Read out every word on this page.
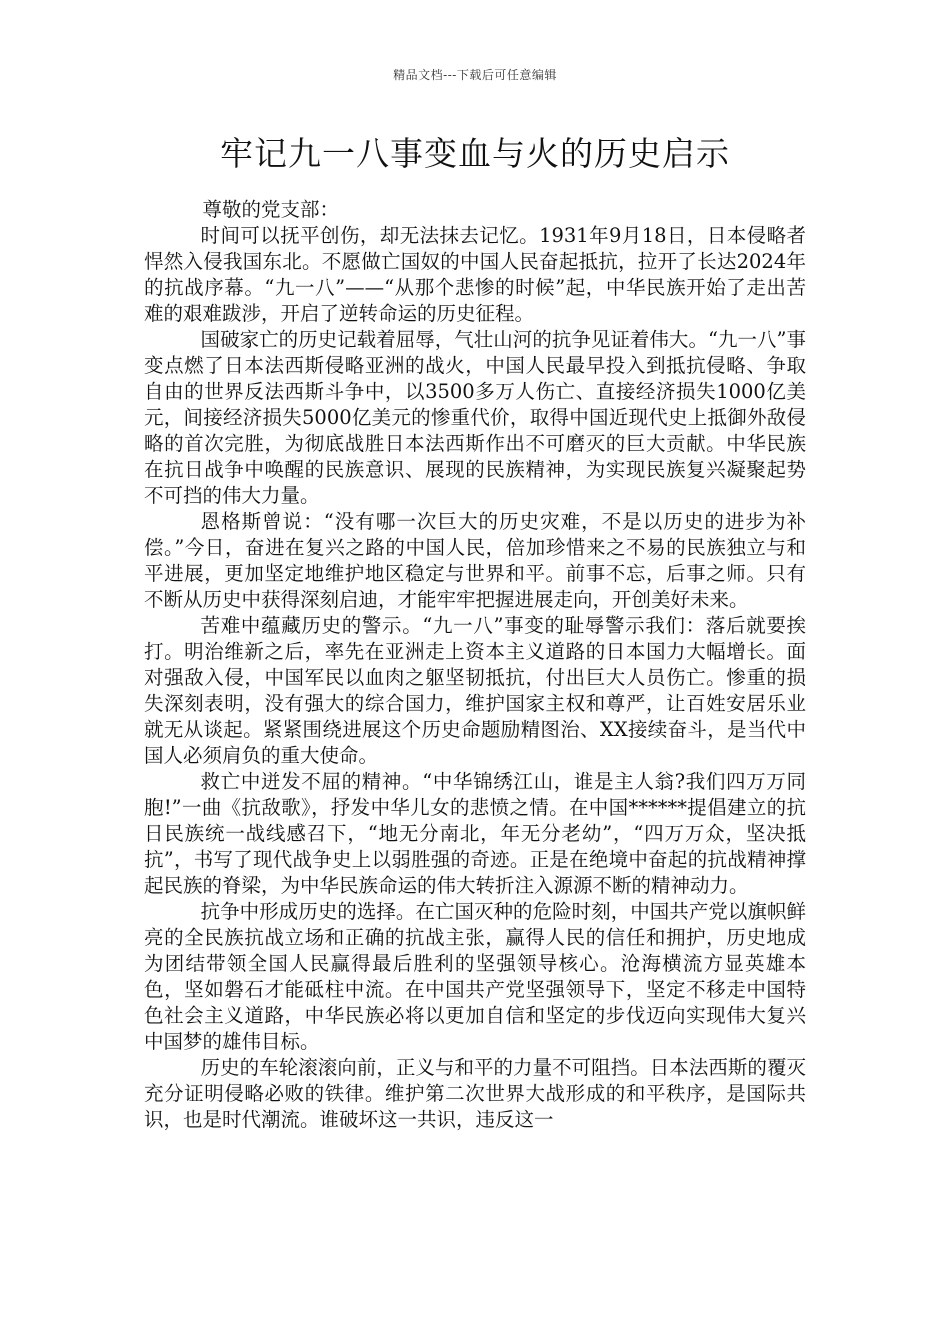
精品文档---下载后可任意编辑
牢记九一八事变血与火的历史启示

尊敬的党支部：

时间可以抚平创伤，却无法抹去记忆。1931年9月18日，日本侵略者悍然入侵我国东北。不愿做亡国奴的中国人民奋起抵抗，拉开了长达2024年的抗战序幕。“九一八”——“从那个悲惨的时候”起，中华民族开始了走出苦难的艰难跋涉，开启了逆转命运的历史征程。

国破家亡的历史记载着屈辱，气壮山河的抗争见证着伟大。“九一八”事变点燃了日本法西斯侵略亚洲的战火，中国人民最早投入到抵抗侵略、争取自由的世界反法西斯斗争中，以3500多万人伤亡、直接经济损失1000亿美元，间接经济损失5000亿美元的惨重代价，取得中国近现代史上抵御外敌侵略的首次完胜，为彻底战胜日本法西斯作出不可磨灭的巨大贡献。中华民族在抗日战争中唤醒的民族意识、展现的民族精神，为实现民族复兴凝聚起势不可挡的伟大力量。

恩格斯曾说：“没有哪一次巨大的历史灾难，不是以历史的进步为补偿。”今日，奋进在复兴之路的中国人民，倍加珍惜来之不易的民族独立与和平进展，更加坚定地维护地区稳定与世界和平。前事不忘，后事之师。只有不断从历史中获得深刻启迪，才能牢牢把握进展走向，开创美好未来。

苦难中蕴藏历史的警示。“九一八”事变的耻辱警示我们：落后就要挨打。明治维新之后，率先在亚洲走上资本主义道路的日本国力大幅增长。面对强敌入侵，中国军民以血肉之躯坚韧抵抗，付出巨大人员伤亡。惨重的损失深刻表明，没有强大的综合国力，维护国家主权和尊严，让百姓安居乐业就无从谈起。紧紧围绕进展这个历史命题励精图治、XX接续奋斗，是当代中国人必须肩负的重大使命。

救亡中迸发不屈的精神。“中华锦绣江山，谁是主人翁?我们四万万同胞!”一曲《抗敌歌》，抒发中华儿女的悲愤之情。在中国******提倡建立的抗日民族统一战线感召下，“地无分南北，年无分老幼”，“四万万众，坚决抵抗”，书写了现代战争史上以弱胜强的奇迹。正是在绝境中奋起的抗战精神撑起民族的脊梁，为中华民族命运的伟大转折注入源源不断的精神动力。

抗争中形成历史的选择。在亡国灭种的危险时刻，中国共产党以旗帜鲜亮的全民族抗战立场和正确的抗战主张，赢得人民的信任和拥护，历史地成为团结带领全国人民赢得最后胜利的坚强领导核心。沧海横流方显英雄本色，坚如磐石才能砥柱中流。在中国共产党坚强领导下，坚定不移走中国特色社会主义道路，中华民族必将以更加自信和坚定的步伐迈向实现伟大复兴中国梦的雄伟目标。

历史的车轮滚滚向前，正义与和平的力量不可阻挡。日本法西斯的覆灭充分证明侵略必败的铁律。维护第二次世界大战形成的和平秩序，是国际共识，也是时代潮流。谁破坏这一共识，违反这一
